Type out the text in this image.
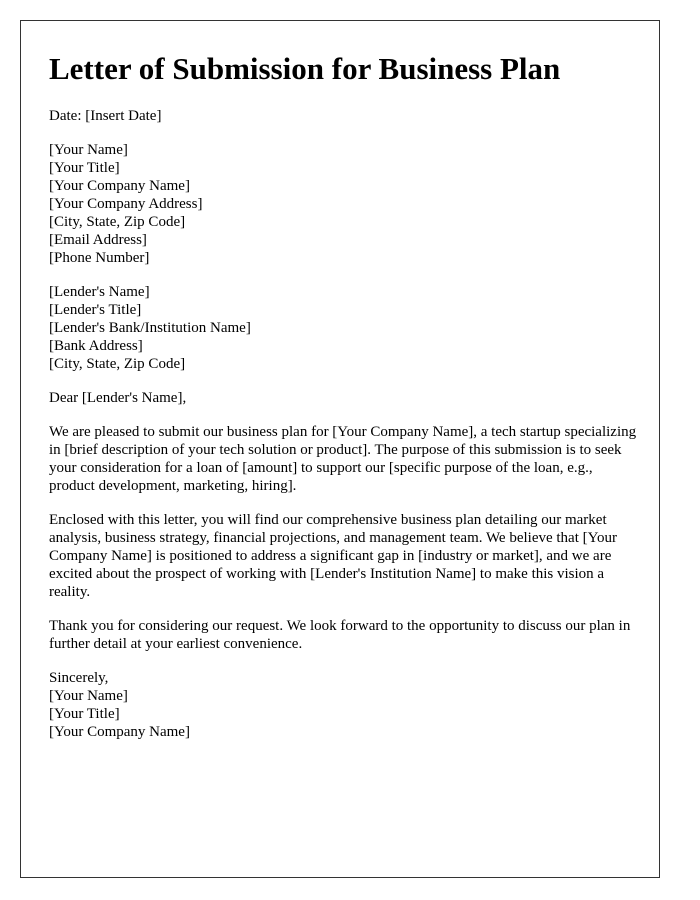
Letter of Submission for Business Plan
Date: [Insert Date]
[Your Name]
[Your Title]
[Your Company Name]
[Your Company Address]
[City, State, Zip Code]
[Email Address]
[Phone Number]
[Lender's Name]
[Lender's Title]
[Lender's Bank/Institution Name]
[Bank Address]
[City, State, Zip Code]

Dear [Lender's Name],

We are pleased to submit our business plan for [Your Company Name], a tech startup specializing in [brief description of your tech solution or product]. The purpose of this submission is to seek your consideration for a loan of [amount] to support our [specific purpose of the loan, e.g., product development, marketing, hiring].

Enclosed with this letter, you will find our comprehensive business plan detailing our market analysis, business strategy, financial projections, and management team. We believe that [Your Company Name] is positioned to address a significant gap in [industry or market], and we are excited about the prospect of working with [Lender's Institution Name] to make this vision a reality.

Thank you for considering our request. We look forward to the opportunity to discuss our plan in further detail at your earliest convenience.

Sincerely,
[Your Name]
[Your Title]
[Your Company Name]
